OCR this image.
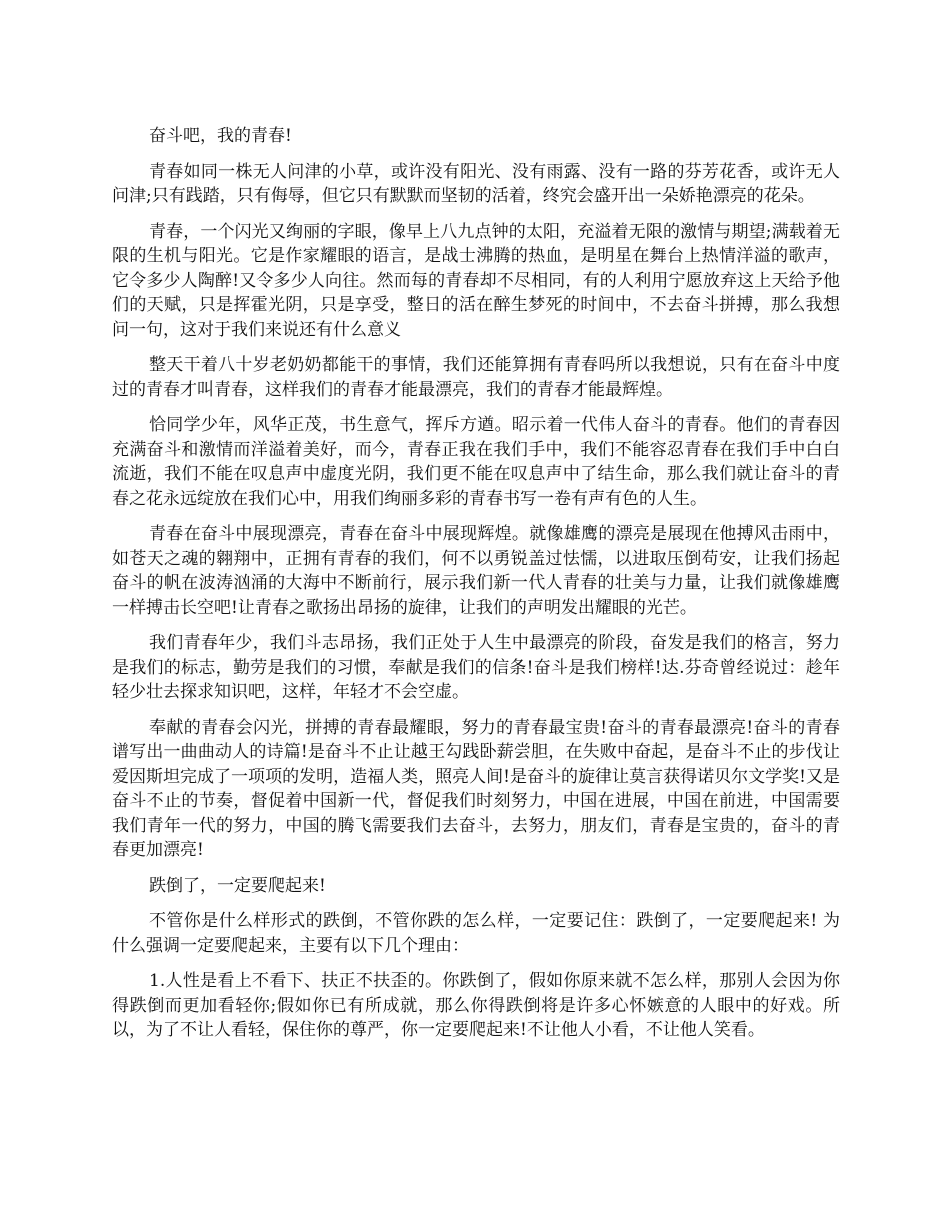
奋斗吧，我的青春!

青春如同一株无人问津的小草，或许没有阳光、没有雨露、没有一路的芬芳花香，或许无人问津;只有践踏，只有侮辱，但它只有默默而坚韧的活着，终究会盛开出一朵娇艳漂亮的花朵。

青春，一个闪光又绚丽的字眼，像早上八九点钟的太阳，充溢着无限的激情与期望;满载着无限的生机与阳光。它是作家耀眼的语言，是战士沸腾的热血，是明星在舞台上热情洋溢的歌声，它令多少人陶醉!又令多少人向往。然而每的青春却不尽相同，有的人利用宁愿放弃这上天给予他们的天赋，只是挥霍光阴，只是享受，整日的活在醉生梦死的时间中，不去奋斗拼搏，那么我想问一句，这对于我们来说还有什么意义

整天干着八十岁老奶奶都能干的事情，我们还能算拥有青春吗所以我想说，只有在奋斗中度过的青春才叫青春，这样我们的青春才能最漂亮，我们的青春才能最辉煌。

恰同学少年，风华正茂，书生意气，挥斥方遒。昭示着一代伟人奋斗的青春。他们的青春因充满奋斗和激情而洋溢着美好，而今，青春正我在我们手中，我们不能容忍青春在我们手中白白流逝，我们不能在叹息声中虚度光阴，我们更不能在叹息声中了结生命，那么我们就让奋斗的青春之花永远绽放在我们心中，用我们绚丽多彩的青春书写一卷有声有色的人生。

青春在奋斗中展现漂亮，青春在奋斗中展现辉煌。就像雄鹰的漂亮是展现在他搏风击雨中，如苍天之魂的翱翔中，正拥有青春的我们，何不以勇锐盖过怯懦，以进取压倒苟安，让我们扬起奋斗的帆在波涛汹涌的大海中不断前行，展示我们新一代人青春的壮美与力量，让我们就像雄鹰一样搏击长空吧!让青春之歌扬出昂扬的旋律，让我们的声明发出耀眼的光芒。

我们青春年少，我们斗志昂扬，我们正处于人生中最漂亮的阶段，奋发是我们的格言，努力是我们的标志，勤劳是我们的习惯，奉献是我们的信条!奋斗是我们榜样!达.芬奇曾经说过：趁年轻少壮去探求知识吧，这样，年轻才不会空虚。

奉献的青春会闪光，拼搏的青春最耀眼，努力的青春最宝贵!奋斗的青春最漂亮!奋斗的青春谱写出一曲曲动人的诗篇!是奋斗不止让越王勾践卧薪尝胆，在失败中奋起，是奋斗不止的步伐让爱因斯坦完成了一项项的发明，造福人类，照亮人间!是奋斗的旋律让莫言获得诺贝尔文学奖!又是奋斗不止的节奏，督促着中国新一代，督促我们时刻努力，中国在进展，中国在前进，中国需要我们青年一代的努力，中国的腾飞需要我们去奋斗，去努力，朋友们，青春是宝贵的，奋斗的青春更加漂亮!

跌倒了，一定要爬起来!

不管你是什么样形式的跌倒，不管你跌的怎么样，一定要记住：跌倒了，一定要爬起来! 为什么强调一定要爬起来，主要有以下几个理由：

1.人性是看上不看下、扶正不扶歪的。你跌倒了，假如你原来就不怎么样，那别人会因为你得跌倒而更加看轻你;假如你已有所成就，那么你得跌倒将是许多心怀嫉意的人眼中的好戏。所以，为了不让人看轻，保住你的尊严，你一定要爬起来!不让他人小看，不让他人笑看。
